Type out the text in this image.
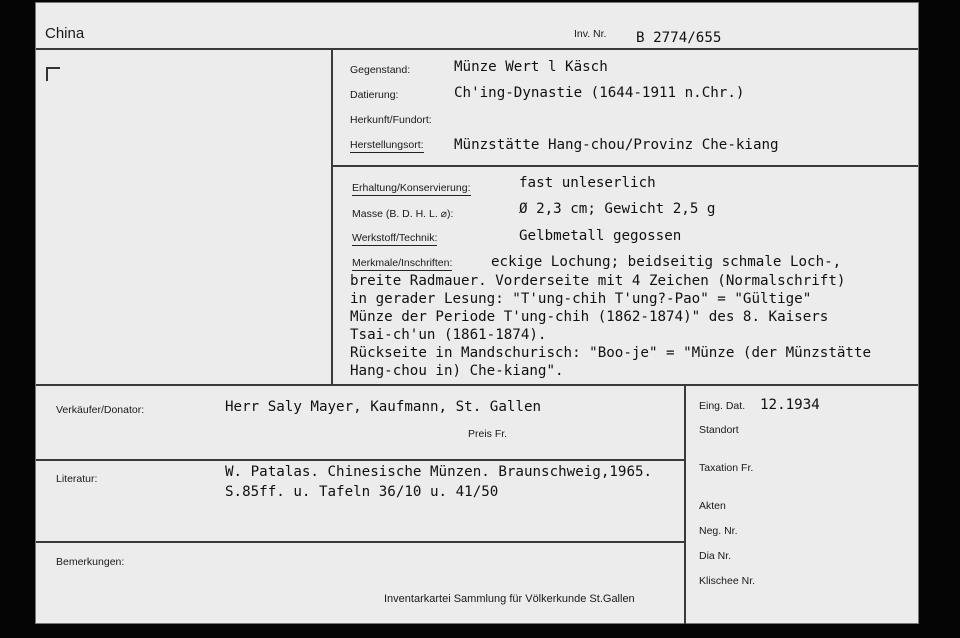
China	Inv. Nr. B 2774/655
Gegenstand:	Münze Wert l Käsch
Datierung:	Ch'ing-Dynastie (1644-1911 n.Chr.)
Herkunft/Fundort:
Herstellungsort: Münzstätte Hang-chou/Provinz Che-kiang
Erhaltung/Konservierung:	fast unleserlich
Masse (B. D. H. L. ⌀):	Ø 2,3 cm; Gewicht 2,5 g
Werkstoff/Technik:	Gelbmetall gegossen
Merkmale/Inschriften:	eckige Lochung; beidseitig schmale Loch-,
breite Radmauer. Vorderseite mit 4 Zeichen (Normalschrift)
in gerader Lesung: "T'ung-chih T'ung?-Pao" = "Gültige"
Münze der Periode T'ung-chih (1862-1874)" des 8. Kaisers
Tsai-ch'un (1861-1874).
Rückseite in Mandschurisch: "Boo-je" = "Münze (der Münzstätte
Hang-chou in) Che-kiang".
Verkäufer/Donator:	Herr Saly Mayer, Kaufmann, St. Gallen
Preis Fr.
Literatur:	W. Patalas. Chinesische Münzen. Braunschweig,1965.
S.85ff. u. Tafeln 36/10 u. 41/50
Bemerkungen:
Inventarkartei Sammlung für Völkerkunde St.Gallen
Eing. Dat. 12.1934
Standort
Taxation Fr.
Akten
Neg. Nr.
Dia Nr.
Klischee Nr.
